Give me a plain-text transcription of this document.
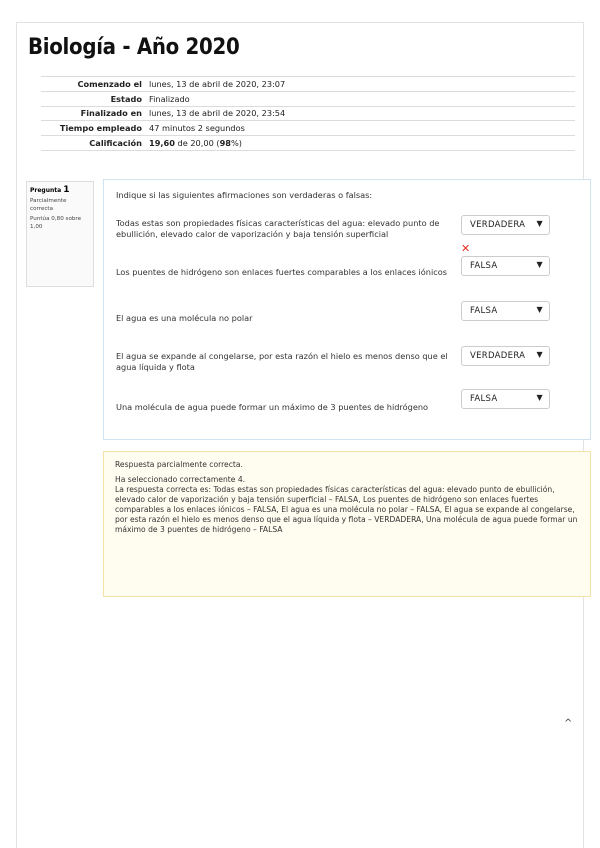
Biología - Año 2020
Comenzado el	lunes, 13 de abril de 2020, 23:07
Estado	Finalizado
Finalizado en	lunes, 13 de abril de 2020, 23:54
Tiempo empleado	47 minutos 2 segundos
Calificación	19,60 de 20,00 (98%)
Pregunta 1
Parcialmente correcta
Puntúa 0,80 sobre 1,00
Indique si las siguientes afirmaciones son verdaderas o falsas:
Todas estas son propiedades físicas características del agua: elevado punto de ebullición, elevado calor de vaporización y baja tensión superficial
VERDADERA ▼
✕
Los puentes de hidrógeno son enlaces fuertes comparables a los enlaces iónicos
FALSA	▼
El agua es una molécula no polar
FALSA	▼
El agua se expande al congelarse, por esta razón el hielo es menos denso que el agua líquida y flota
VERDADERA ▼
Una molécula de agua puede formar un máximo de 3 puentes de hidrógeno
FALSA	▼

Respuesta parcialmente correcta.

Ha seleccionado correctamente 4.

La respuesta correcta es: Todas estas son propiedades físicas características del agua: elevado punto de ebullición, elevado calor de vaporización y baja tensión superficial – FALSA, Los puentes de hidrógeno son enlaces fuertes comparables a los enlaces iónicos – FALSA, El agua es una molécula no polar – FALSA, El agua se expande al congelarse, por esta razón el hielo es menos denso que el agua líquida y flota – VERDADERA, Una molécula de agua puede formar un máximo de 3 puentes de hidrógeno – FALSA

^
